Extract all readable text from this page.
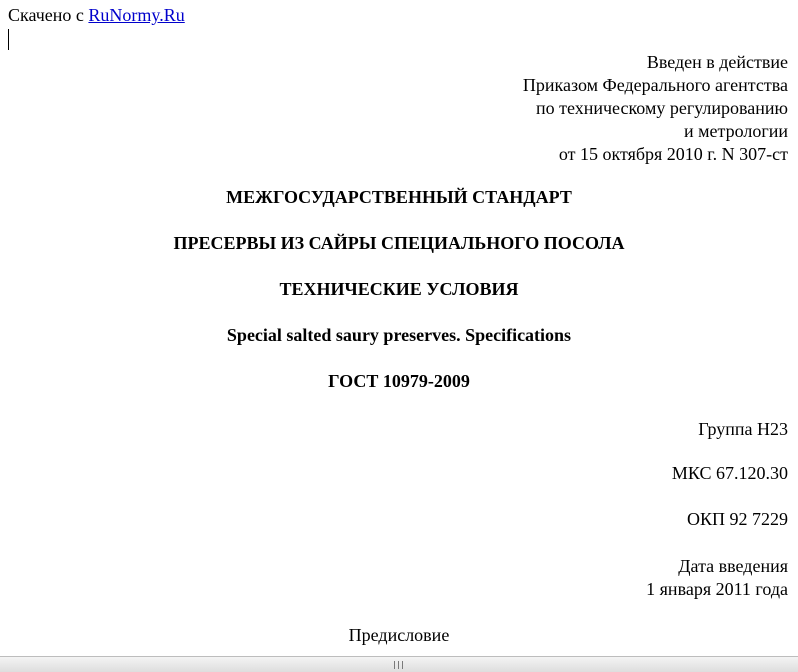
Скачено с RuNormy.Ru
Введен в действие
Приказом Федерального агентства
по техническому регулированию
и метрологии
от 15 октября 2010 г. N 307-ст
МЕЖГОСУДАРСТВЕННЫЙ СТАНДАРТ
ПРЕСЕРВЫ ИЗ САЙРЫ СПЕЦИАЛЬНОГО ПОСОЛА
ТЕХНИЧЕСКИЕ УСЛОВИЯ
Special salted saury preserves. Specifications
ГОСТ 10979-2009
Группа Н23
МКС 67.120.30
ОКП 92 7229
Дата введения
1 января 2011 года
Предисловие
